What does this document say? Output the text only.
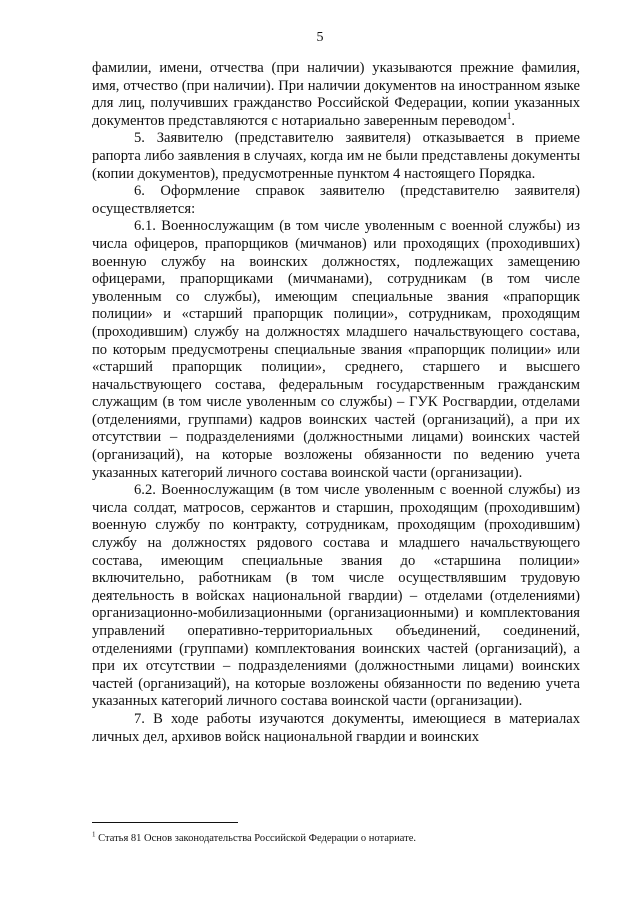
5

фамилии, имени, отчества (при наличии) указываются прежние фамилия, имя, отчество (при наличии). При наличии документов на иностранном языке для лиц, получивших гражданство Российской Федерации, копии указанных документов представляются с нотариально заверенным переводом$^1$.

5. Заявителю (представителю заявителя) отказывается в приеме рапорта либо заявления в случаях, когда им не были представлены документы (копии документов), предусмотренные пунктом 4 настоящего Порядка.

6. Оформление справок заявителю (представителю заявителя) осуществляется:

6.1. Военнослужащим (в том числе уволенным с военной службы) из числа офицеров, прапорщиков (мичманов) или проходящих (проходивших) военную службу на воинских должностях, подлежащих замещению офицерами, прапорщиками (мичманами), сотрудникам (в том числе уволенным со службы), имеющим специальные звания «прапорщик полиции» и «старший прапорщик полиции», сотрудникам, проходящим (проходившим) службу на должностях младшего начальствующего состава, по которым предусмотрены специальные звания «прапорщик полиции» или «старший прапорщик полиции», среднего, старшего и высшего начальствующего состава, федеральным государственным гражданским служащим (в том числе уволенным со службы) – ГУК Росгвардии, отделами (отделениями, группами) кадров воинских частей (организаций), а при их отсутствии – подразделениями (должностными лицами) воинских частей (организаций), на которые возложены обязанности по ведению учета указанных категорий личного состава воинской части (организации).

6.2. Военнослужащим (в том числе уволенным с военной службы) из числа солдат, матросов, сержантов и старшин, проходящим (проходившим) военную службу по контракту, сотрудникам, проходящим (проходившим) службу на должностях рядового состава и младшего начальствующего состава, имеющим специальные звания до «старшина полиции» включительно, работникам (в том числе осуществлявшим трудовую деятельность в войсках национальной гвардии) – отделами (отделениями) организационно-мобилизационными (организационными) и комплектования управлений оперативно-территориальных объединений, соединений, отделениями (группами) комплектования воинских частей (организаций), а при их отсутствии – подразделениями (должностными лицами) воинских частей (организаций), на которые возложены обязанности по ведению учета указанных категорий личного состава воинской части (организации).

7. В ходе работы изучаются документы, имеющиеся в материалах личных дел, архивов войск национальной гвардии и воинских

$^1$ Статья 81 Основ законодательства Российской Федерации о нотариате.
